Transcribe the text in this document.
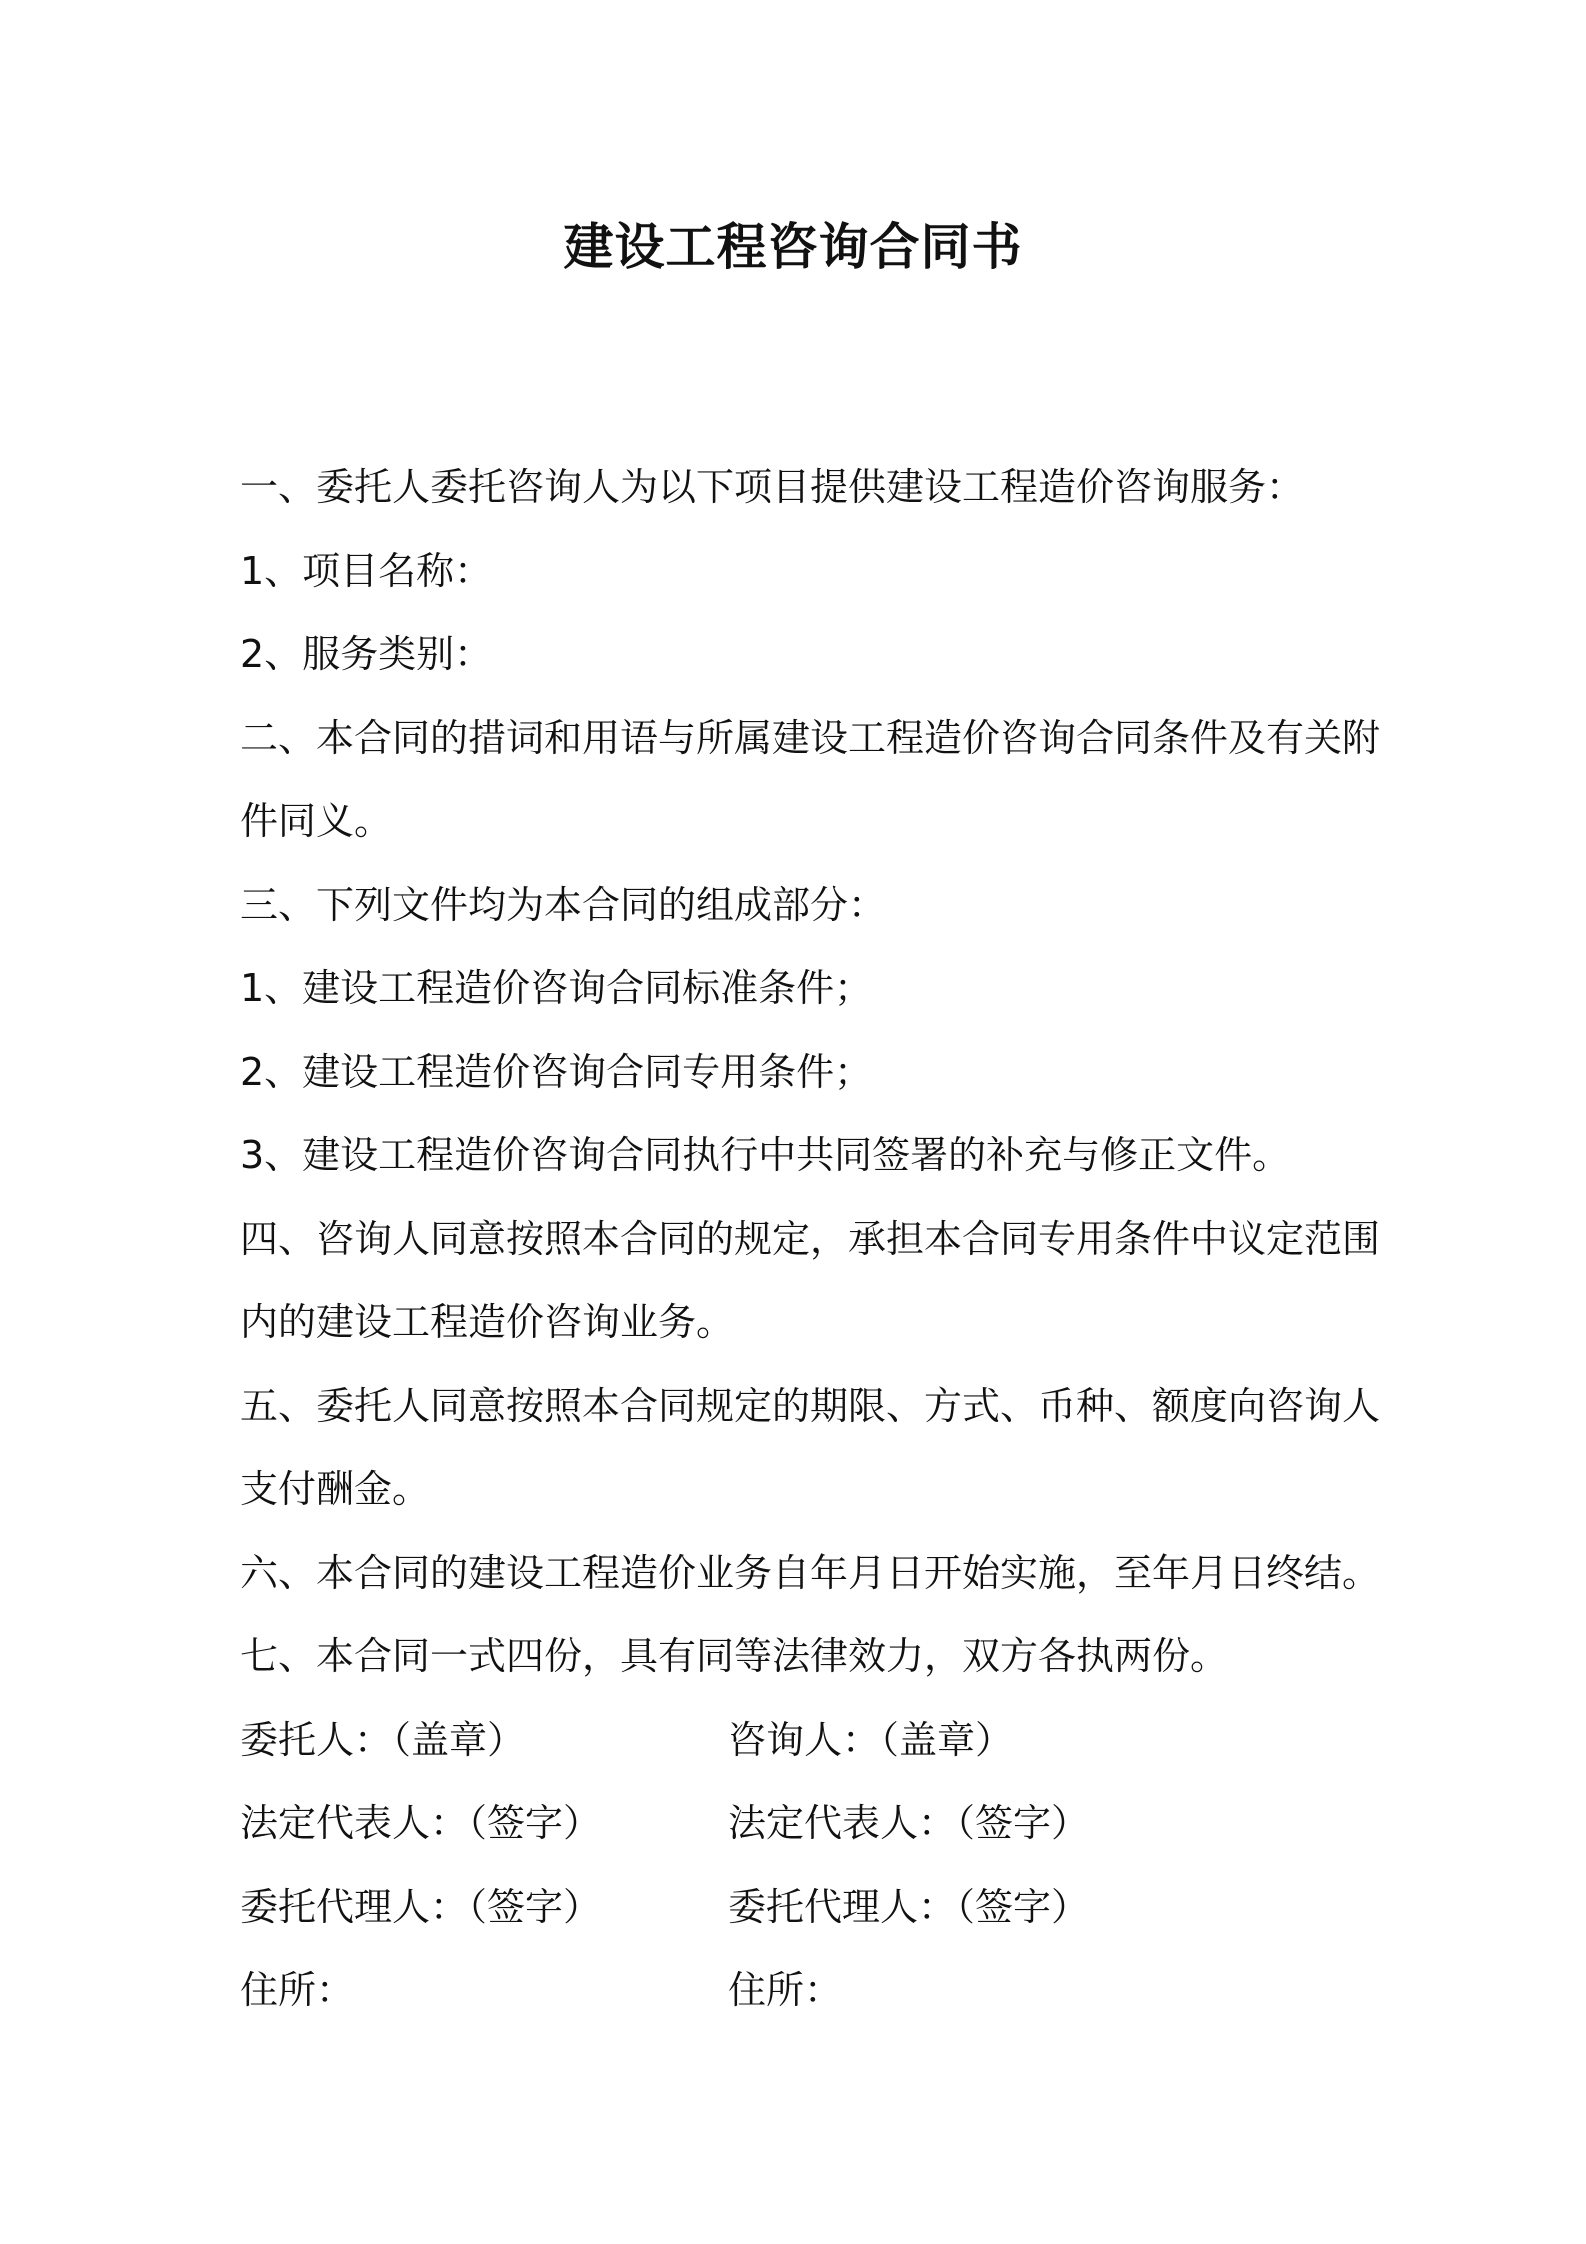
建设工程咨询合同书

一、委托人委托咨询人为以下项目提供建设工程造价咨询服务：

1、项目名称：

2、服务类别：

二、本合同的措词和用语与所属建设工程造价咨询合同条件及有关附

件同义。

三、下列文件均为本合同的组成部分：

1、建设工程造价咨询合同标准条件；

2、建设工程造价咨询合同专用条件；

3、建设工程造价咨询合同执行中共同签署的补充与修正文件。

四、咨询人同意按照本合同的规定，承担本合同专用条件中议定范围

内的建设工程造价咨询业务。

五、委托人同意按照本合同规定的期限、方式、币种、额度向咨询人

支付酬金。

六、本合同的建设工程造价业务自年月日开始实施，至年月日终结。

七、本合同一式四份，具有同等法律效力，双方各执两份。

委托人：（盖章）	咨询人：（盖章）
法定代表人：（签字）	法定代表人：（签字）
委托代理人：（签字）	委托代理人：（签字）
住所：	住所：
